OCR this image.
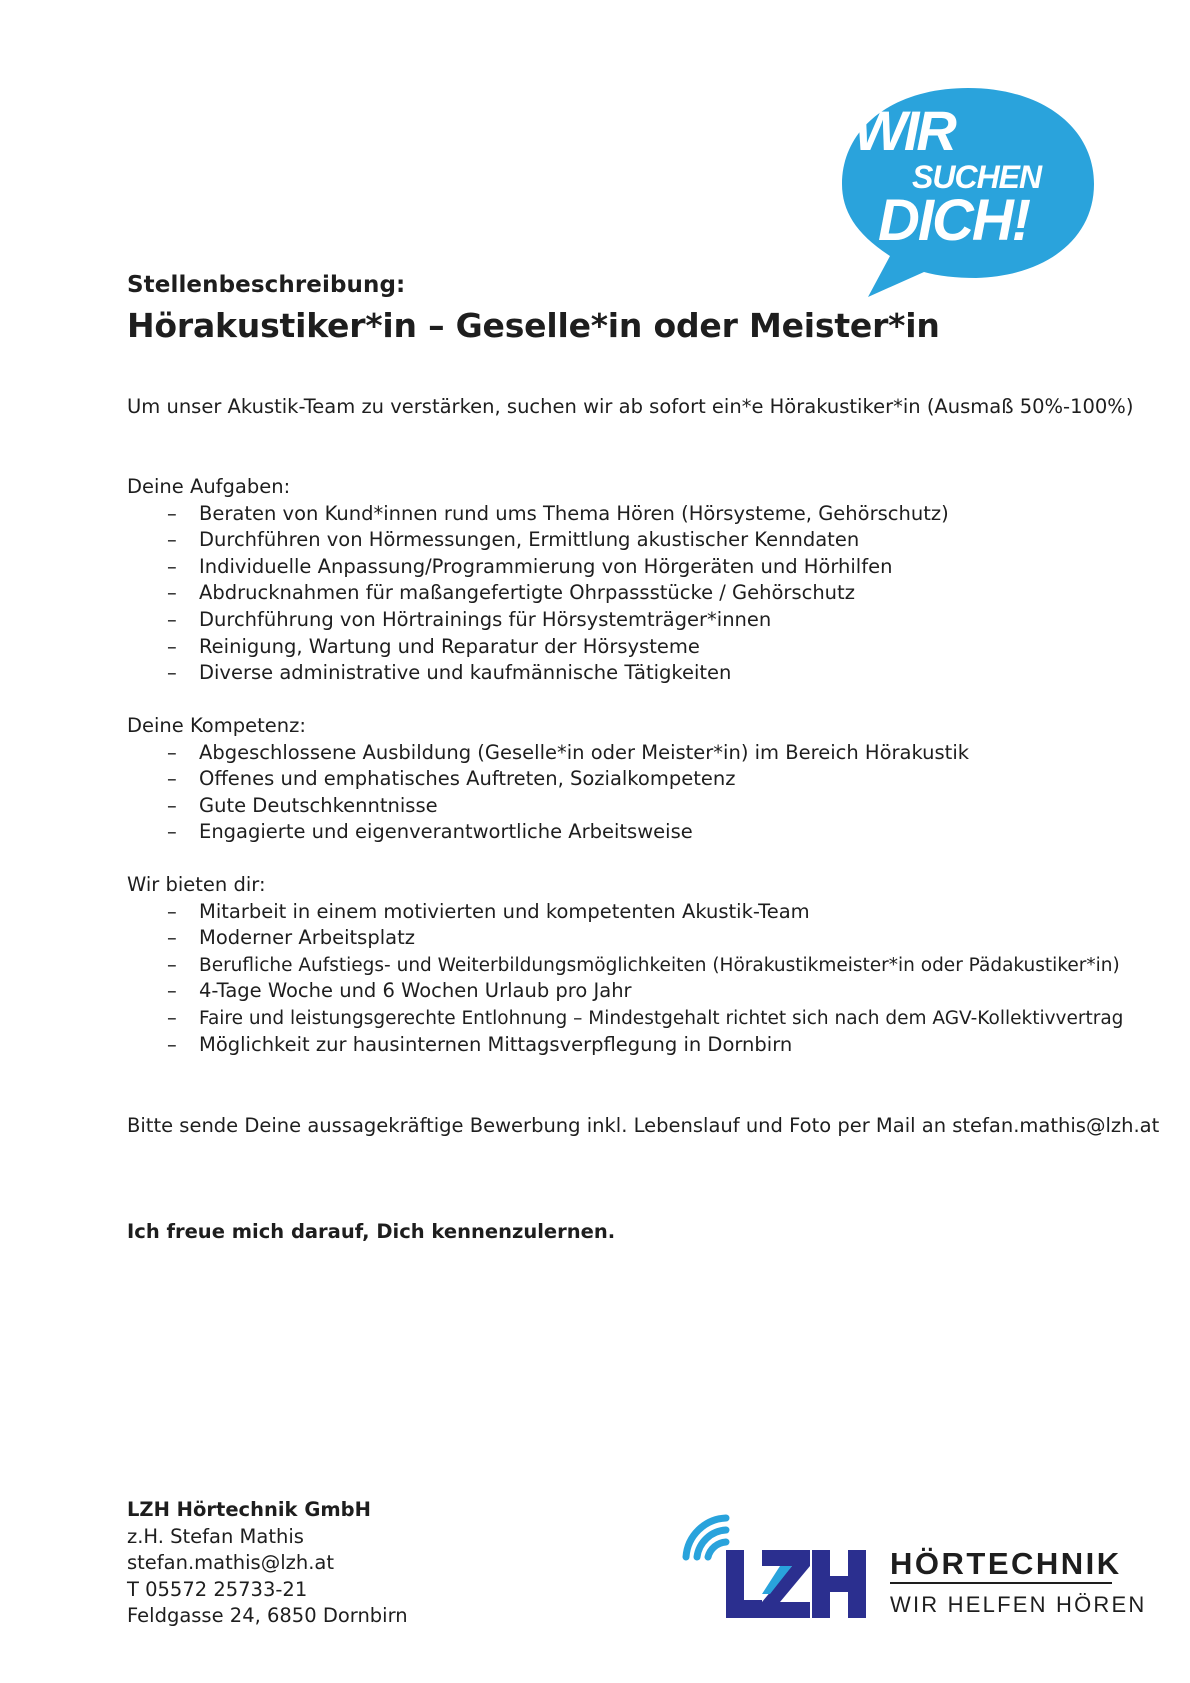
WIR
SUCHEN
DICH!
Stellenbeschreibung:
Hörakustiker*in – Geselle*in oder Meister*in
Um unser Akustik-Team zu verstärken, suchen wir ab sofort ein*e Hörakustiker*in (Ausmaß 50%-100%)
Deine Aufgaben:
– Beraten von Kund*innen rund ums Thema Hören (Hörsysteme, Gehörschutz)
– Durchführen von Hörmessungen, Ermittlung akustischer Kenndaten
– Individuelle Anpassung/Programmierung von Hörgeräten und Hörhilfen
– Abdrucknahmen für maßangefertigte Ohrpassstücke / Gehörschutz
– Durchführung von Hörtrainings für Hörsystemträger*innen
– Reinigung, Wartung und Reparatur der Hörsysteme
– Diverse administrative und kaufmännische Tätigkeiten
Deine Kompetenz:
– Abgeschlossene Ausbildung (Geselle*in oder Meister*in) im Bereich Hörakustik
– Offenes und emphatisches Auftreten, Sozialkompetenz
– Gute Deutschkenntnisse
– Engagierte und eigenverantwortliche Arbeitsweise
Wir bieten dir:
– Mitarbeit in einem motivierten und kompetenten Akustik-Team
– Moderner Arbeitsplatz
– Berufliche Aufstiegs- und Weiterbildungsmöglichkeiten (Hörakustikmeister*in oder Pädakustiker*in)
– 4-Tage Woche und 6 Wochen Urlaub pro Jahr
– Faire und leistungsgerechte Entlohnung – Mindestgehalt richtet sich nach dem AGV-Kollektivvertrag
– Möglichkeit zur hausinternen Mittagsverpflegung in Dornbirn
Bitte sende Deine aussagekräftige Bewerbung inkl. Lebenslauf und Foto per Mail an stefan.mathis@lzh.at
Ich freue mich darauf, Dich kennenzulernen.
LZH Hörtechnik GmbH
z.H. Stefan Mathis
stefan.mathis@lzh.at
T 05572 25733-21
Feldgasse 24, 6850 Dornbirn
LZH
HÖRTECHNIK
WIR HELFEN HÖREN
